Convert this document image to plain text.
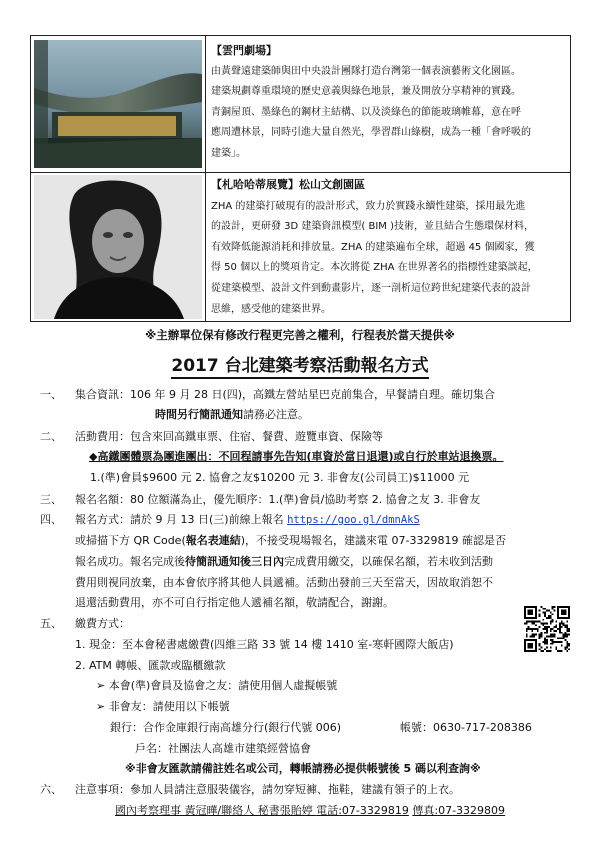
【雲門劇場】

由黃聲遠建築師與田中央設計團隊打造台灣第一個表演藝術文化園區。

建築規劃尊重環境的歷史意義與綠色地景，兼及開放分享精神的實踐。

青銅屋頂、墨綠色的鋼材主結構、以及淡綠色的節能玻璃帷幕，意在呼

應周遭林景，同時引進大量自然光，學習群山綠樹，成為一種「會呼吸的

建築」。

【札哈哈蒂展覽】松山文創園區

ZHA 的建築打破現有的設計形式，致力於實踐永續性建築，採用最先進

的設計，更研發 3D 建築資訊模型( BIM )技術，並且結合生態環保材料，

有效降低能源消耗和排放量。ZHA 的建築遍布全球，超過 45 個國家，獲

得 50 個以上的獎項肯定。本次將從 ZHA 在世界著名的指標性建築談起，

從建築模型、設計文件到動畫影片，逐一剖析這位跨世紀建築代表的設計

思維，感受他的建築世界。

※主辦單位保有修改行程更完善之權利，行程表於當天提供※
2017 台北建築考察活動報名方式
一、 集合資訊：106 年 9 月 28 日(四)，高鐵左營站星巴克前集合，早餐請自理。確切集合
時間另行簡訊通知請務必注意。
二、 活動費用：包含來回高鐵車票、住宿、餐費、遊覽車資、保險等
◆高鐵團體票為團進團出：不回程請事先告知(車資於當日退還)或自行於車站退換票。
1.(準)會員$9600 元 2. 協會之友$10200 元 3. 非會友(公司員工)$11000 元
三、 報名名額：80 位額滿為止，優先順序：1.(準)會員/協助考察 2. 協會之友 3. 非會友
四、 報名方式：請於 9 月 13 日(三)前線上報名 https://goo.gl/dmnAkS
或掃描下方 QR Code(報名表連結)，不接受現場報名，建議來電 07-3329819 確認是否
報名成功。報名完成後待簡訊通知後三日內完成費用繳交，以確保名額，若未收到活動
費用則視同放棄，由本會依序將其他人員遞補。活動出發前三天至當天，因故取消恕不
退還活動費用，亦不可自行指定他人遞補名額，敬請配合，謝謝。
五、 繳費方式：
1. 現金：至本會秘書處繳費(四維三路 33 號 14 樓 1410 室-寒軒國際大飯店)
2. ATM 轉帳、匯款或臨櫃繳款
➢ 本會(準)會員及協會之友：請使用個人虛擬帳號
➢ 非會友：請使用以下帳號
銀行：合作金庫銀行南高雄分行(銀行代號 006)	帳號：0630-717-208386
戶名：社團法人高雄市建築經營協會
※非會友匯款請備註姓名或公司，轉帳請務必提供帳號後 5 碼以利查詢※
六、 注意事項：參加人員請注意服裝儀容，請勿穿短褲、拖鞋，建議有領子的上衣。
國內考察理事 黃冠曄/聯絡人 秘書張貽婷 電話:07-3329819 傳真:07-3329809
